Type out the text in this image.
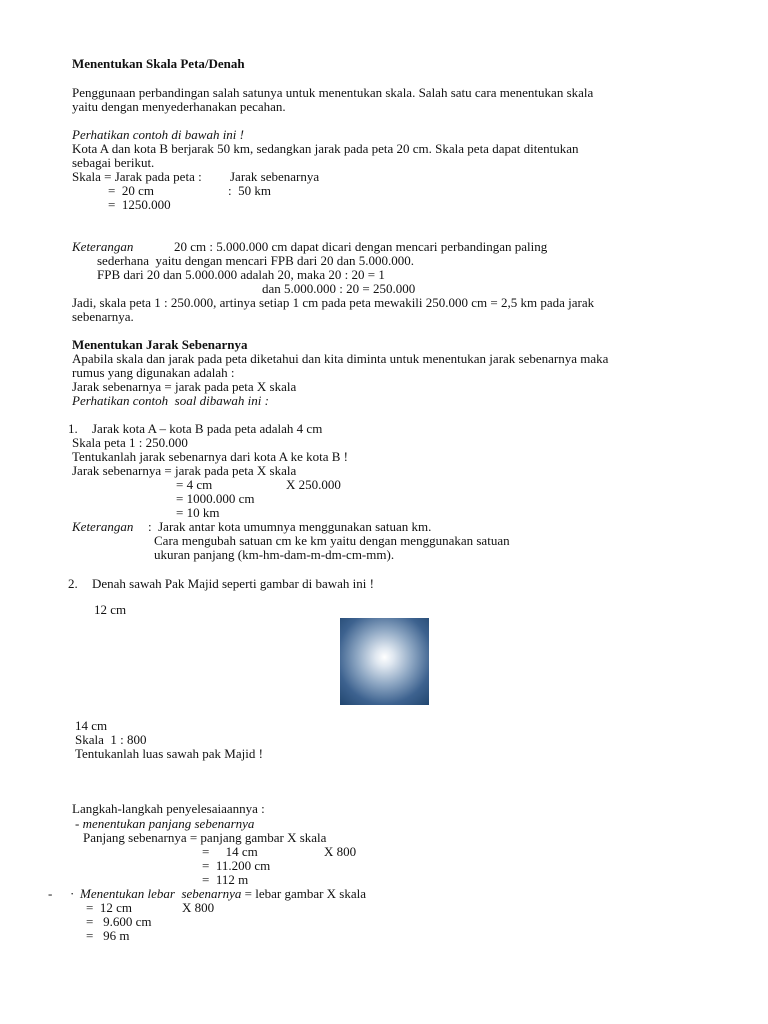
Menentukan Skala Peta/Denah
Penggunaan perbandingan salah satunya untuk menentukan skala. Salah satu cara menentukan skala
yaitu dengan menyederhanakan pecahan.
Perhatikan contoh di bawah ini !
Kota A dan kota B berjarak 50 km, sedangkan jarak pada peta 20 cm. Skala peta dapat ditentukan
sebagai berikut.
Skala = Jarak pada peta : Jarak sebenarnya
=  20 cm	:  50 km
=  1250.000
Keterangan	20 cm : 5.000.000 cm dapat dicari dengan mencari perbandingan paling
sederhana  yaitu dengan mencari FPB dari 20 dan 5.000.000.
FPB dari 20 dan 5.000.000 adalah 20, maka 20 : 20 = 1
dan 5.000.000 : 20 = 250.000
Jadi, skala peta 1 : 250.000, artinya setiap 1 cm pada peta mewakili 250.000 cm = 2,5 km pada jarak
sebenarnya.
Menentukan Jarak Sebenarnya
Apabila skala dan jarak pada peta diketahui dan kita diminta untuk menentukan jarak sebenarnya maka
rumus yang digunakan adalah :
Jarak sebenarnya = jarak pada peta X skala
Perhatikan contoh  soal dibawah ini :
1. Jarak kota A – kota B pada peta adalah 4 cm
Skala peta 1 : 250.000
Tentukanlah jarak sebenarnya dari kota A ke kota B !
Jarak sebenarnya = jarak pada peta X skala
= 4 cm	X 250.000
= 1000.000 cm
= 10 km
Keterangan :  Jarak antar kota umumnya menggunakan satuan km.
Cara mengubah satuan cm ke km yaitu dengan menggunakan satuan
ukuran panjang (km-hm-dam-m-dm-cm-mm).
2. Denah sawah Pak Majid seperti gambar di bawah ini !
12 cm
14 cm
Skala  1 : 800
Tentukanlah luas sawah pak Majid !
Langkah-langkah penyelesaiaannya :
- menentukan panjang sebenarnya
Panjang sebenarnya = panjang gambar X skala
=     14 cm	X 800
=  11.200 cm
=  112 m
- · Menentukan lebar  sebenarnya = lebar gambar X skala
=  12 cm	X 800
=   9.600 cm
=   96 m
